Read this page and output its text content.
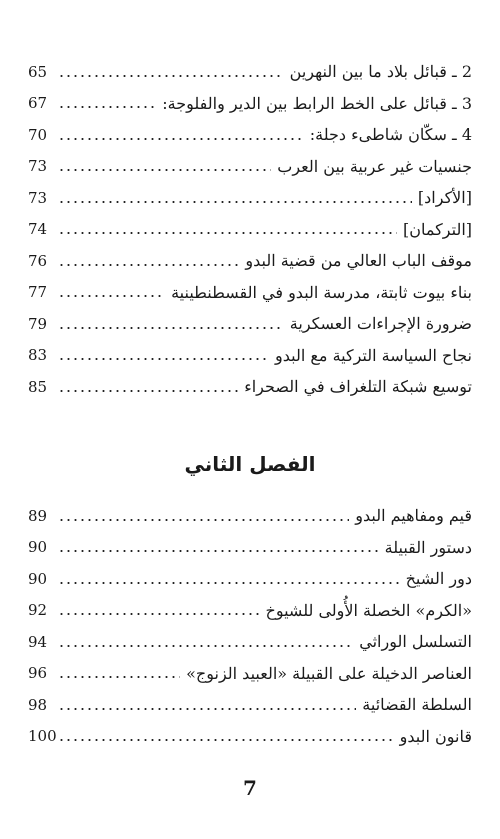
65	2 ـ قبائل بلاد ما بين النهرين
67	3 ـ قبائل على الخط الرابط بين الدير والفلوجة:
70	4 ـ سكّان شاطىء دجلة:
73	جنسيات غير عربية بين العرب
73	[الأكراد]
74	[التركمان]
76	موقف الباب العالي من قضية البدو
77	بناء بيوت ثابتة، مدرسة البدو في القسطنطينية
79	ضرورة الإجراءات العسكرية
83	نجاح السياسة التركية مع البدو
85	توسيع شبكة التلغراف في الصحراء
الفصل الثاني
89	قيم ومفاهيم البدو
90	دستور القبيلة
90	دور الشيخ
92	«الكرم» الخصلة الأُولى للشيوخ
94	التسلسل الوراثي
96	العناصر الدخيلة على القبيلة «العبيد الزنوج»
98	السلطة القضائية
100	قانون البدو
7
